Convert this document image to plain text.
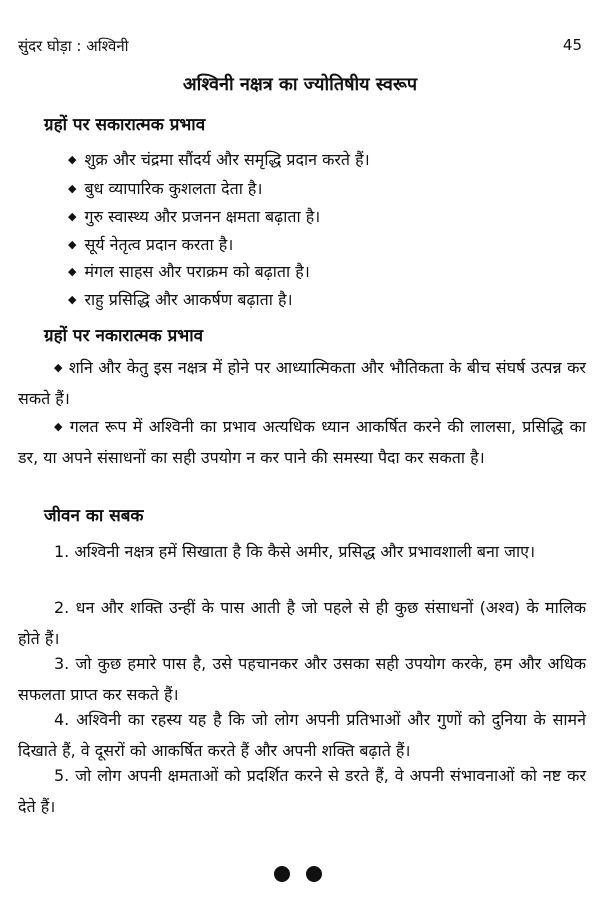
सुंदर घोड़ा : अश्विनी	45
अश्विनी नक्षत्र का ज्योतिषीय स्वरूप
ग्रहों पर सकारात्मक प्रभाव
◆ शुक्र और चंद्रमा सौंदर्य और समृद्धि प्रदान करते हैं।
◆ बुध व्यापारिक कुशलता देता है।
◆ गुरु स्वास्थ्य और प्रजनन क्षमता बढ़ाता है।
◆ सूर्य नेतृत्व प्रदान करता है।
◆ मंगल साहस और पराक्रम को बढ़ाता है।
◆ राहु प्रसिद्धि और आकर्षण बढ़ाता है।
ग्रहों पर नकारात्मक प्रभाव
◆ शनि और केतु इस नक्षत्र में होने पर आध्यात्मिकता और भौतिकता के बीच संघर्ष उत्पन्न कर सकते हैं।
◆ गलत रूप में अश्विनी का प्रभाव अत्यधिक ध्यान आकर्षित करने की लालसा, प्रसिद्धि का डर, या अपने संसाधनों का सही उपयोग न कर पाने की समस्या पैदा कर सकता है।
जीवन का सबक
1. अश्विनी नक्षत्र हमें सिखाता है कि कैसे अमीर, प्रसिद्ध और प्रभावशाली बना जाए।
2. धन और शक्ति उन्हीं के पास आती है जो पहले से ही कुछ संसाधनों (अश्व) के मालिक होते हैं।
3. जो कुछ हमारे पास है, उसे पहचानकर और उसका सही उपयोग करके, हम और अधिक सफलता प्राप्त कर सकते हैं।
4. अश्विनी का रहस्य यह है कि जो लोग अपनी प्रतिभाओं और गुणों को दुनिया के सामने दिखाते हैं, वे दूसरों को आकर्षित करते हैं और अपनी शक्ति बढ़ाते हैं।
5. जो लोग अपनी क्षमताओं को प्रदर्शित करने से डरते हैं, वे अपनी संभावनाओं को नष्ट कर देते हैं।
